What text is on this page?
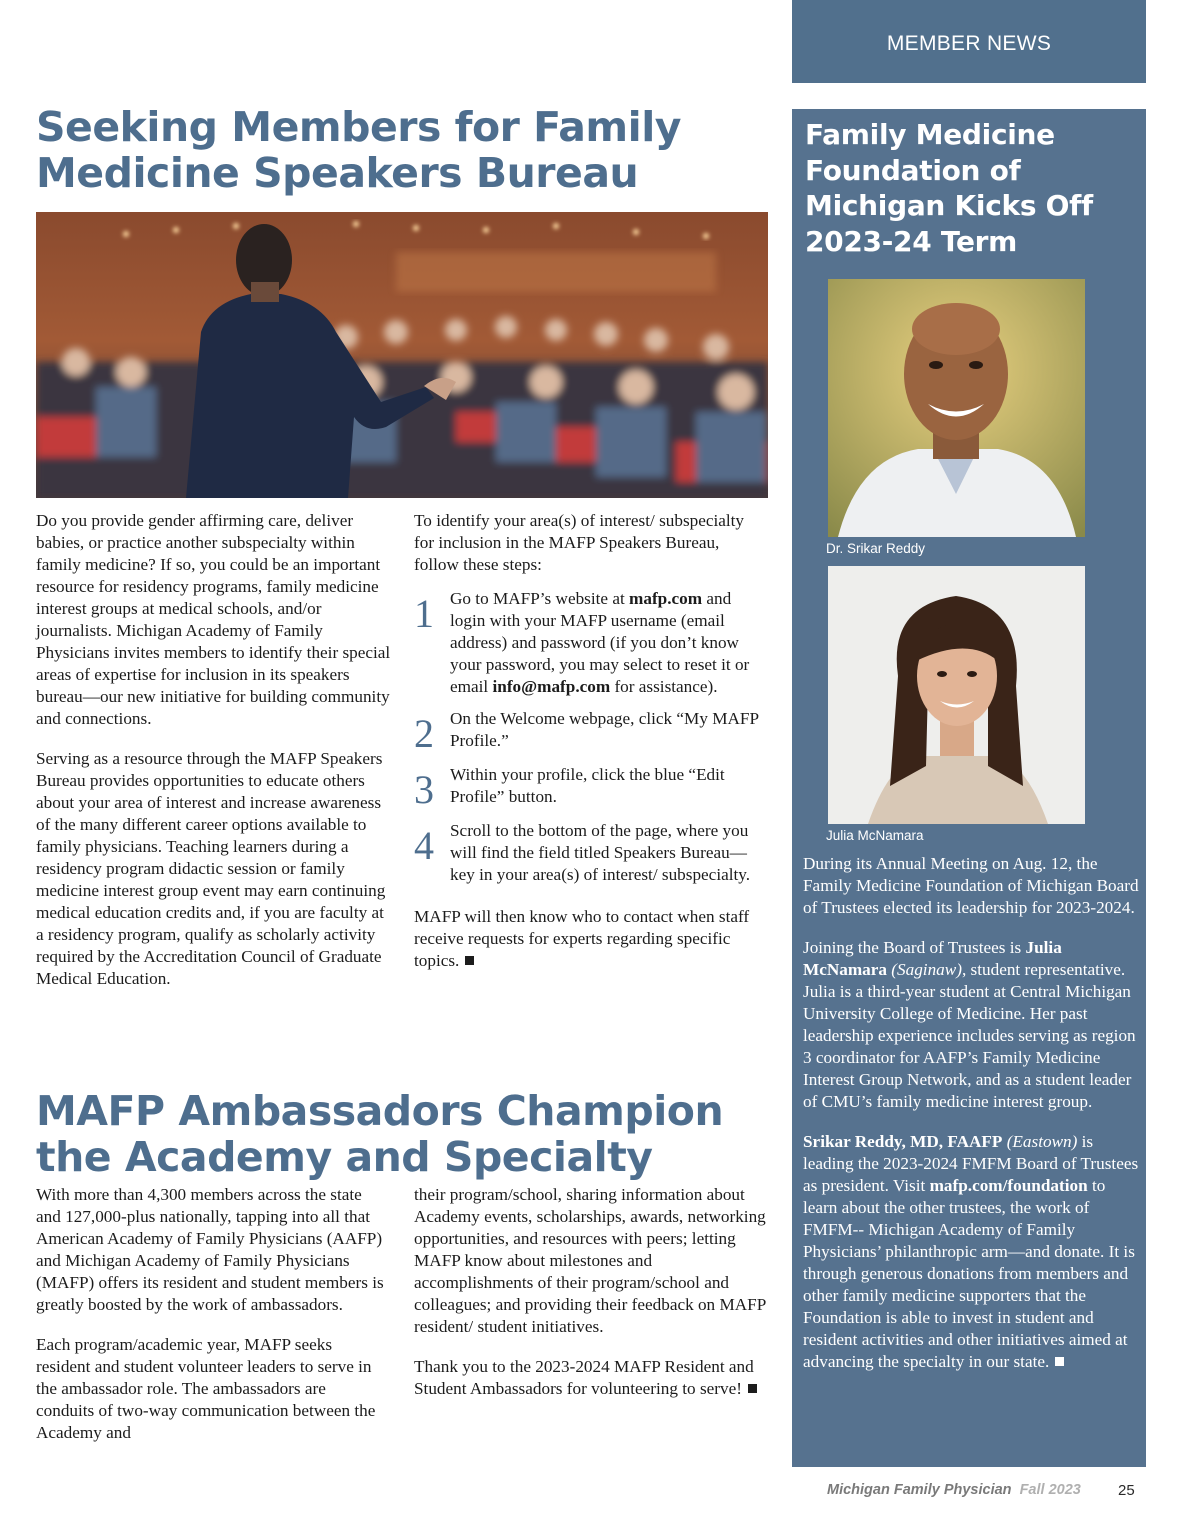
MEMBER NEWS
Seeking Members for Family
Medicine Speakers Bureau

Do you provide gender affirming care, deliver babies, or practice another subspecialty within family medicine? If so, you could be an important resource for residency programs, family medicine interest groups at medical schools, and/or journalists. Michigan Academy of Family Physicians invites members to identify their special areas of expertise for inclusion in its speakers bureau—our new initiative for building community and connections.

Serving as a resource through the MAFP Speakers Bureau provides opportunities to educate others about your area of interest and increase awareness of the many different career options available to family physicians. Teaching learners during a residency program didactic session or family medicine interest group event may earn continuing medical education credits and, if you are faculty at a residency program, qualify as scholarly activity required by the Accreditation Council of Graduate Medical Education.

To identify your area(s) of interest/ subspecialty for inclusion in the MAFP Speakers Bureau, follow these steps:

1 Go to MAFP’s website at mafp.com and login with your MAFP username (email address) and password (if you don’t know your password, you may select to reset it or email info@mafp.com for assistance).
2 On the Welcome webpage, click “My MAFP Profile.”
3 Within your profile, click the blue “Edit Profile” button.
4 Scroll to the bottom of the page, where you will find the field titled Speakers Bureau—key in your area(s) of interest/ subspecialty.

MAFP will then know who to contact when staff receive requests for experts regarding specific topics.

MAFP Ambassadors Champion
the Academy and Specialty

With more than 4,300 members across the state and 127,000-plus nationally, tapping into all that American Academy of Family Physicians (AAFP) and Michigan Academy of Family Physicians (MAFP) offers its resident and student members is greatly boosted by the work of ambassadors.

Each program/academic year, MAFP seeks resident and student volunteer leaders to serve in the ambassador role. The ambassadors are conduits of two-way communication between the Academy and

their program/school, sharing information about Academy events, scholarships, awards, networking opportunities, and resources with peers; letting MAFP know about milestones and accomplishments of their program/school and colleagues; and providing their feedback on MAFP resident/ student initiatives.

Thank you to the 2023-2024 MAFP Resident and Student Ambassadors for volunteering to serve!

Family Medicine Foundation of Michigan Kicks Off 2023-24 Term
Dr. Srikar Reddy
Julia McNamara

During its Annual Meeting on Aug. 12, the Family Medicine Foundation of Michigan Board of Trustees elected its leadership for 2023-2024.

Joining the Board of Trustees is Julia McNamara (Saginaw), student representative. Julia is a third-year student at Central Michigan University College of Medicine. Her past leadership experience includes serving as region 3 coordinator for AAFP’s Family Medicine Interest Group Network, and as a student leader of CMU’s family medicine interest group.

Srikar Reddy, MD, FAAFP (Eastown) is leading the 2023-2024 FMFM Board of Trustees as president. Visit mafp.com/foundation to learn about the other trustees, the work of FMFM-- Michigan Academy of Family Physicians’ philanthropic arm—and donate. It is through generous donations from members and other family medicine supporters that the Foundation is able to invest in student and resident activities and other initiatives aimed at advancing the specialty in our state.

Michigan Family Physician Fall 2023 25
